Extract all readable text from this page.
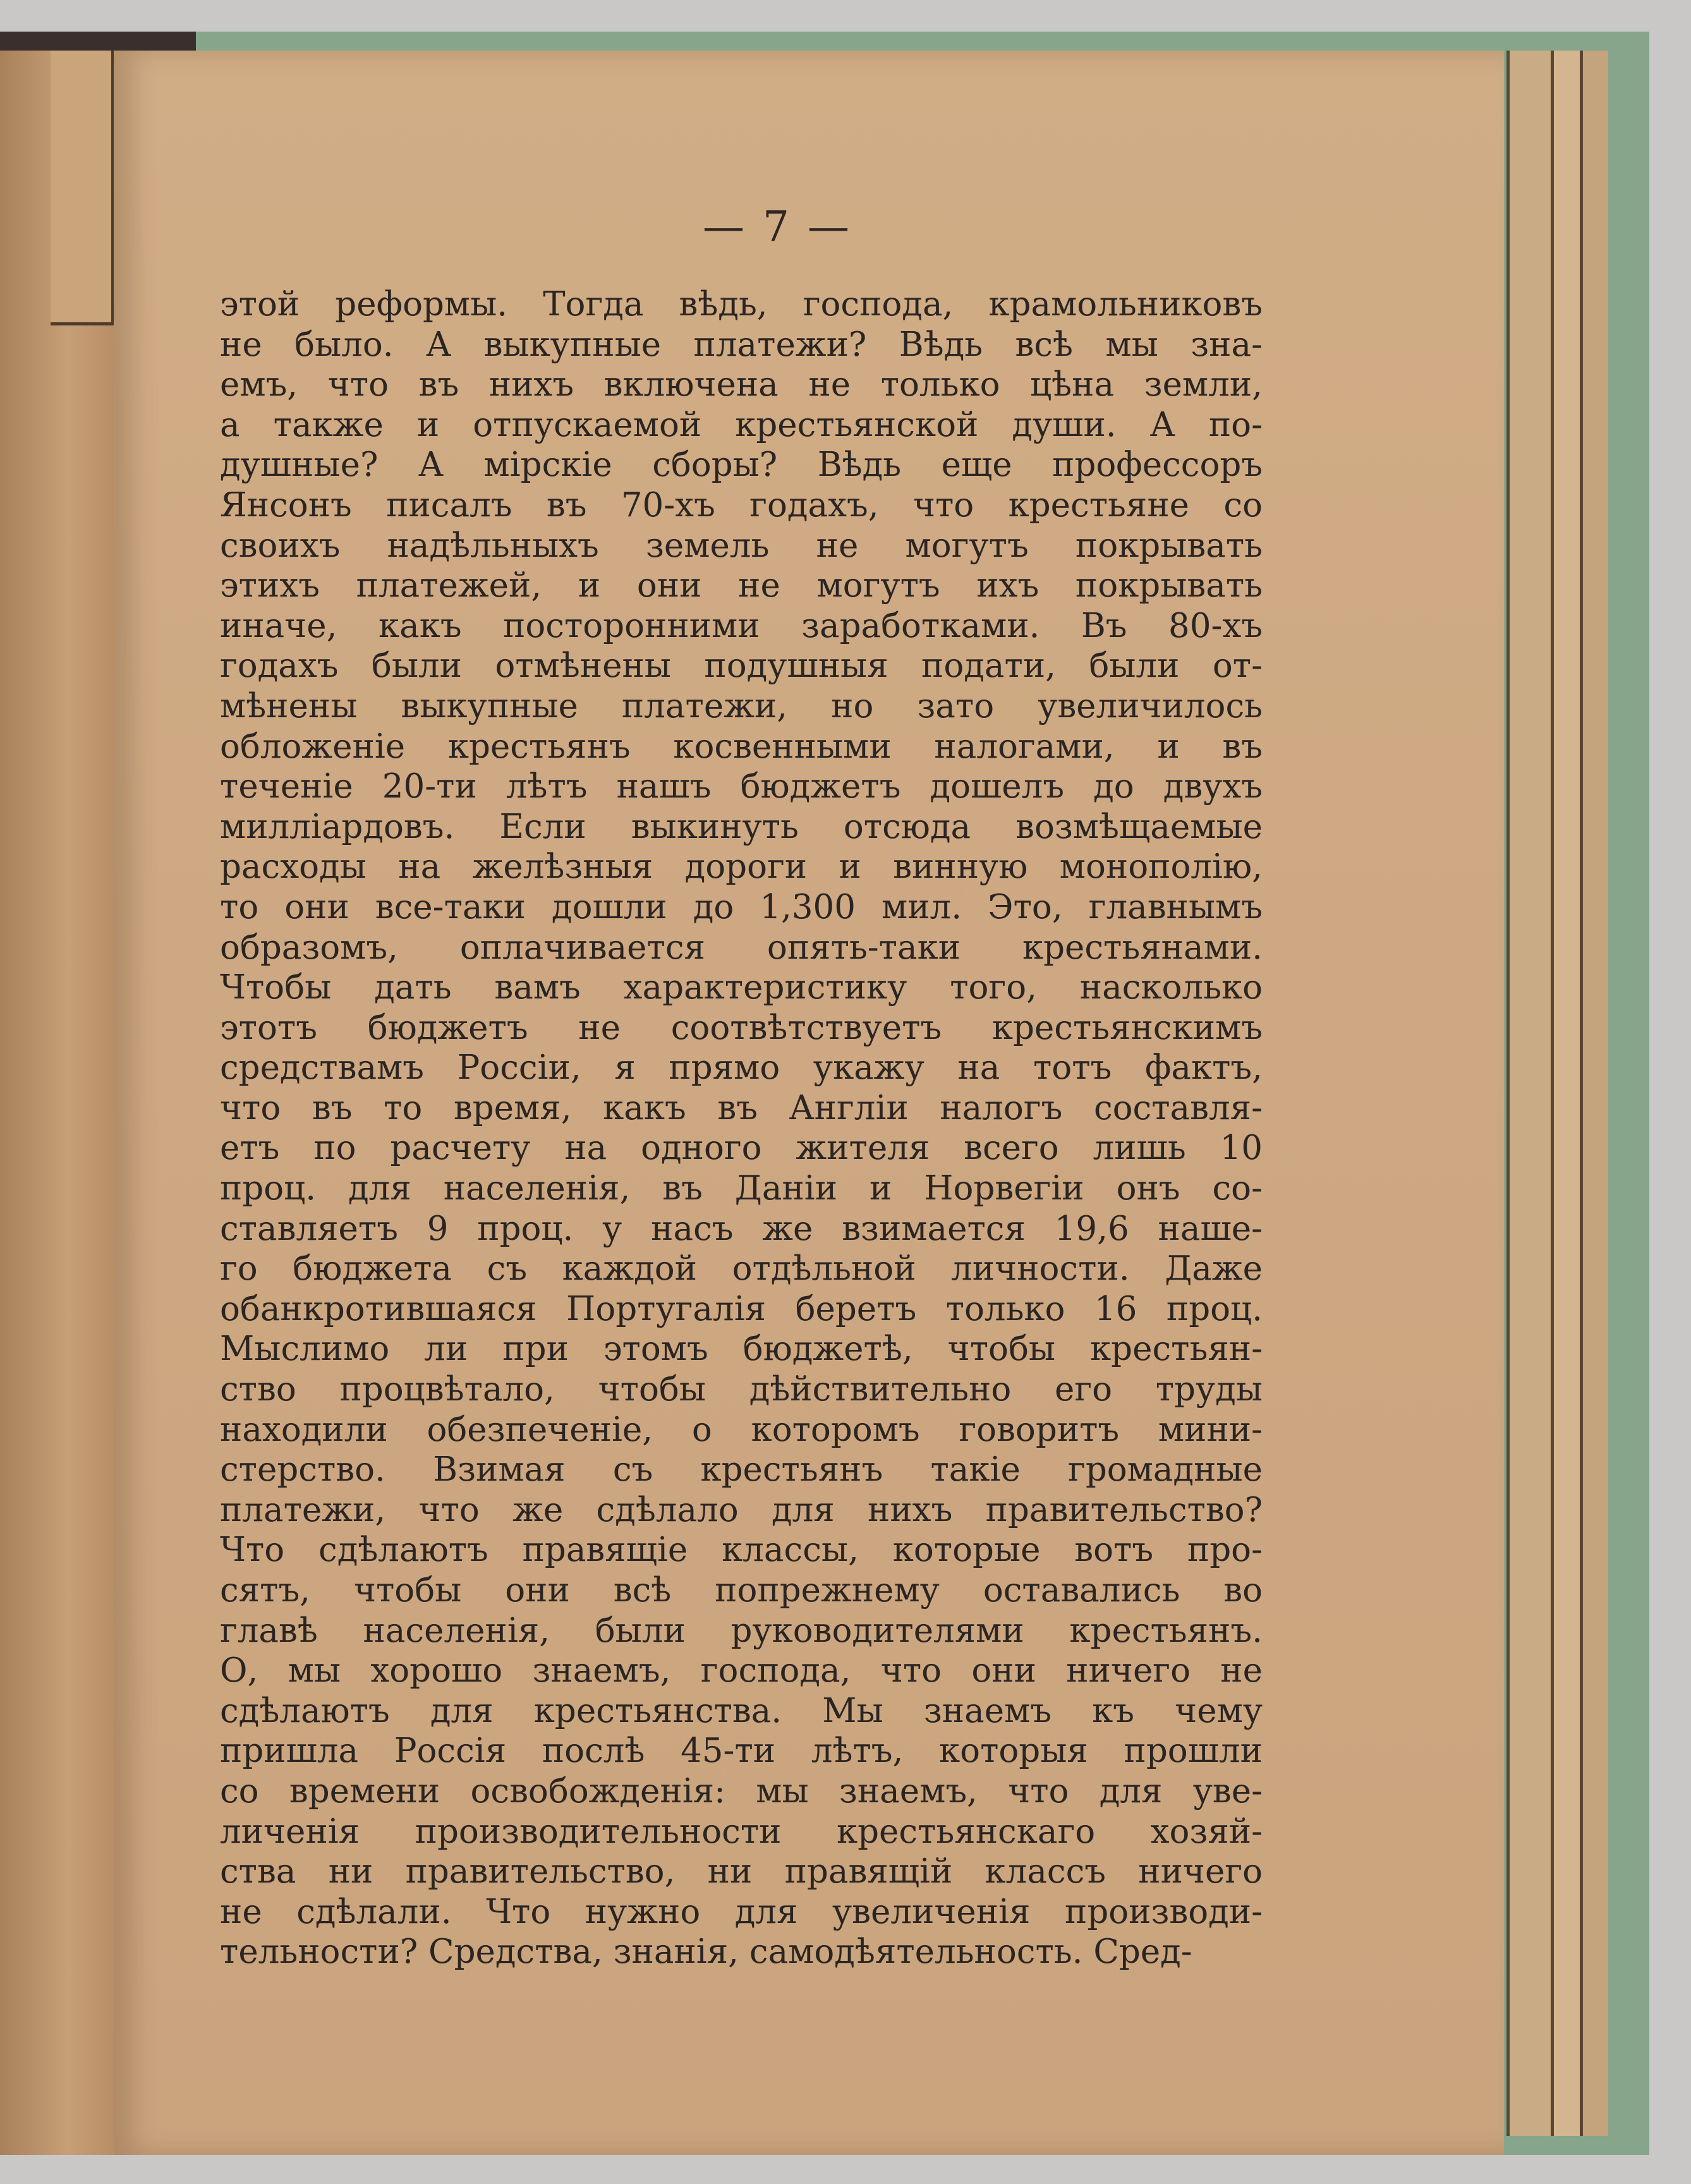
— 7 —
этой реформы. Тогда вѣдь, господа, крамольниковъ
не было. А выкупные платежи? Вѣдь всѣ мы зна-
емъ, что въ нихъ включена не только цѣна земли,
а также и отпускаемой крестьянской души. А по-
душные? А мірскіе сборы? Вѣдь еще профессоръ
Янсонъ писалъ въ 70-хъ годахъ, что крестьяне со
своихъ надѣльныхъ земель не могутъ покрывать
этихъ платежей, и они не могутъ ихъ покрывать
иначе, какъ посторонними заработками. Въ 80-хъ
годахъ были отмѣнены подушныя подати, были от-
мѣнены выкупные платежи, но зато увеличилось
обложеніе крестьянъ косвенными налогами, и въ
теченіе 20-ти лѣтъ нашъ бюджетъ дошелъ до двухъ
милліардовъ. Если выкинуть отсюда возмѣщаемые
расходы на желѣзныя дороги и винную монополію,
то они все-таки дошли до 1,300 мил. Это, главнымъ
образомъ, оплачивается опять-таки крестьянами.
Чтобы дать вамъ характеристику того, насколько
этотъ бюджетъ не соотвѣтствуетъ крестьянскимъ
средствамъ Россіи, я прямо укажу на тотъ фактъ,
что въ то время, какъ въ Англіи налогъ составля-
етъ по расчету на одного жителя всего лишь 10
проц. для населенія, въ Даніи и Норвегіи онъ со-
ставляетъ 9 проц. у насъ же взимается 19,6 наше-
го бюджета съ каждой отдѣльной личности. Даже
обанкротившаяся Португалія беретъ только 16 проц.
Мыслимо ли при этомъ бюджетѣ, чтобы крестьян-
ство процвѣтало, чтобы дѣйствительно его труды
находили обезпеченіе, о которомъ говоритъ мини-
стерство. Взимая съ крестьянъ такіе громадные
платежи, что же сдѣлало для нихъ правительство?
Что сдѣлаютъ правящіе классы, которые вотъ про-
сятъ, чтобы они всѣ попрежнему оставались во
главѣ населенія, были руководителями крестьянъ.
О, мы хорошо знаемъ, господа, что они ничего не
сдѣлаютъ для крестьянства. Мы знаемъ къ чему
пришла Россія послѣ 45-ти лѣтъ, которыя прошли
со времени освобожденія: мы знаемъ, что для уве-
личенія производительности крестьянскаго хозяй-
ства ни правительство, ни правящій классъ ничего
не сдѣлали. Что нужно для увеличенія производи-
тельности? Средства, знанія, самодѣятельность. Сред-
